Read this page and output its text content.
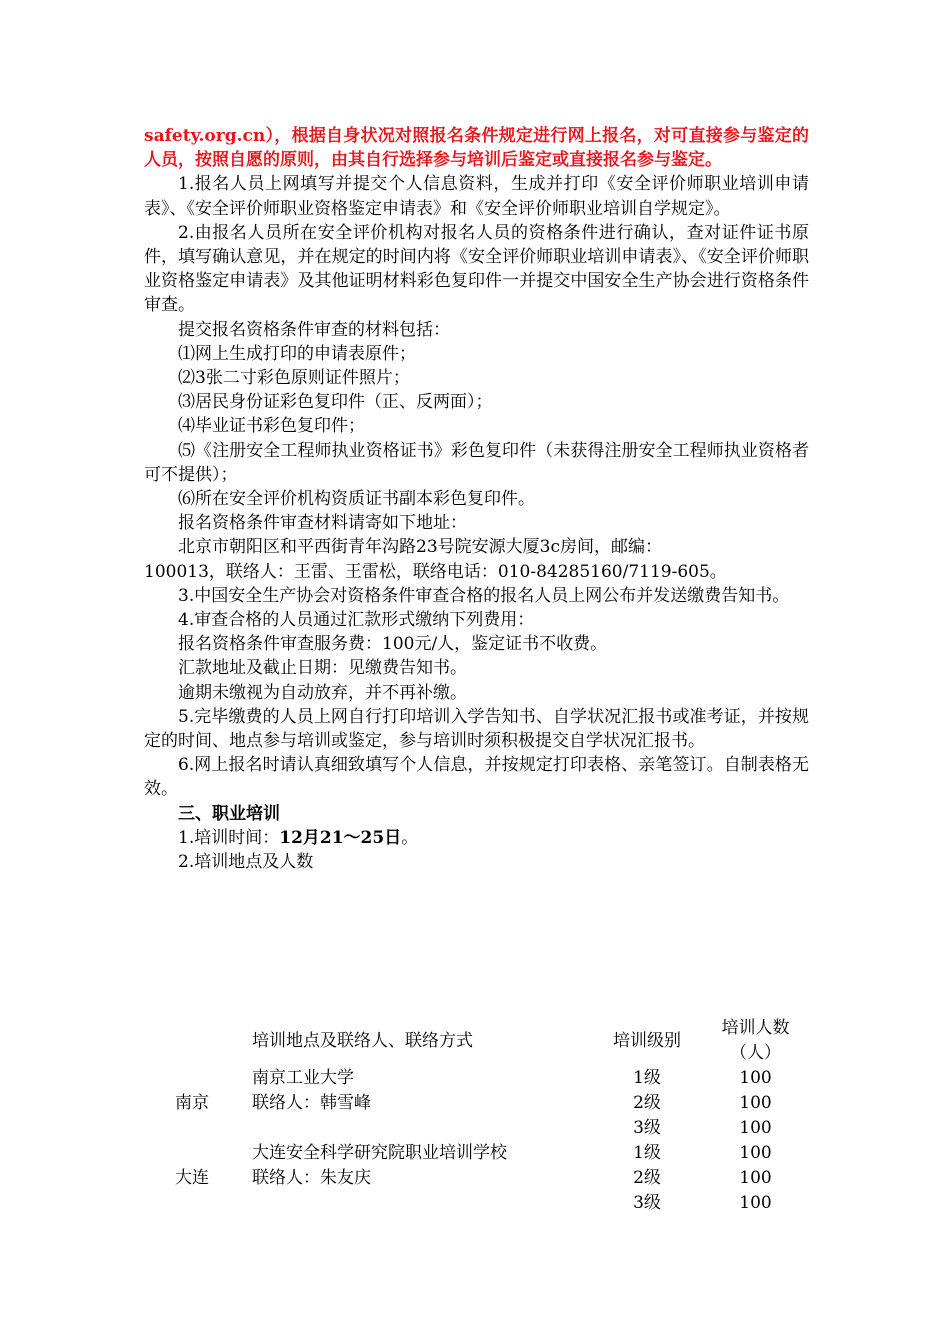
safety.org.cn），根据自身状况对照报名条件规定进行网上报名，对可直接参与鉴定的人员，按照自愿的原则，由其自行选择参与培训后鉴定或直接报名参与鉴定。

1.报名人员上网填写并提交个人信息资料，生成并打印《安全评价师职业培训申请表》、《安全评价师职业资格鉴定申请表》和《安全评价师职业培训自学规定》。

2.由报名人员所在安全评价机构对报名人员的资格条件进行确认，查对证件证书原件，填写确认意见，并在规定的时间内将《安全评价师职业培训申请表》、《安全评价师职业资格鉴定申请表》及其他证明材料彩色复印件一并提交中国安全生产协会进行资格条件审查。

提交报名资格条件审查的材料包括：

⑴网上生成打印的申请表原件；

⑵3张二寸彩色原则证件照片；

⑶居民身份证彩色复印件（正、反两面）；

⑷毕业证书彩色复印件；

⑸《注册安全工程师执业资格证书》彩色复印件（未获得注册安全工程师执业资格者可不提供）；

⑹所在安全评价机构资质证书副本彩色复印件。

报名资格条件审查材料请寄如下地址：

北京市朝阳区和平西街青年沟路23号院安源大厦3c房间，邮编：

100013，联络人：王雷、王雷松，联络电话：010-84285160/7119-605。

3.中国安全生产协会对资格条件审查合格的报名人员上网公布并发送缴费告知书。

4.审查合格的人员通过汇款形式缴纳下列费用：

报名资格条件审查服务费：100元/人，鉴定证书不收费。

汇款地址及截止日期：见缴费告知书。

逾期未缴视为自动放弃，并不再补缴。

5.完毕缴费的人员上网自行打印培训入学告知书、自学状况汇报书或准考证，并按规定的时间、地点参与培训或鉴定，参与培训时须积极提交自学状况汇报书。

6.网上报名时请认真细致填写个人信息，并按规定打印表格、亲笔签订。自制表格无效。

三、职业培训

1.培训时间：12月21～25日。

2.培训地点及人数

	培训地点及联络人、联络方式	培训级别	培训人数（人）
南京	南京工业大学	1级	100
	联络人：韩雪峰	2级	100
		3级	100
大连	大连安全科学研究院职业培训学校	1级	100
	联络人：朱友庆	2级	100
		3级	100
